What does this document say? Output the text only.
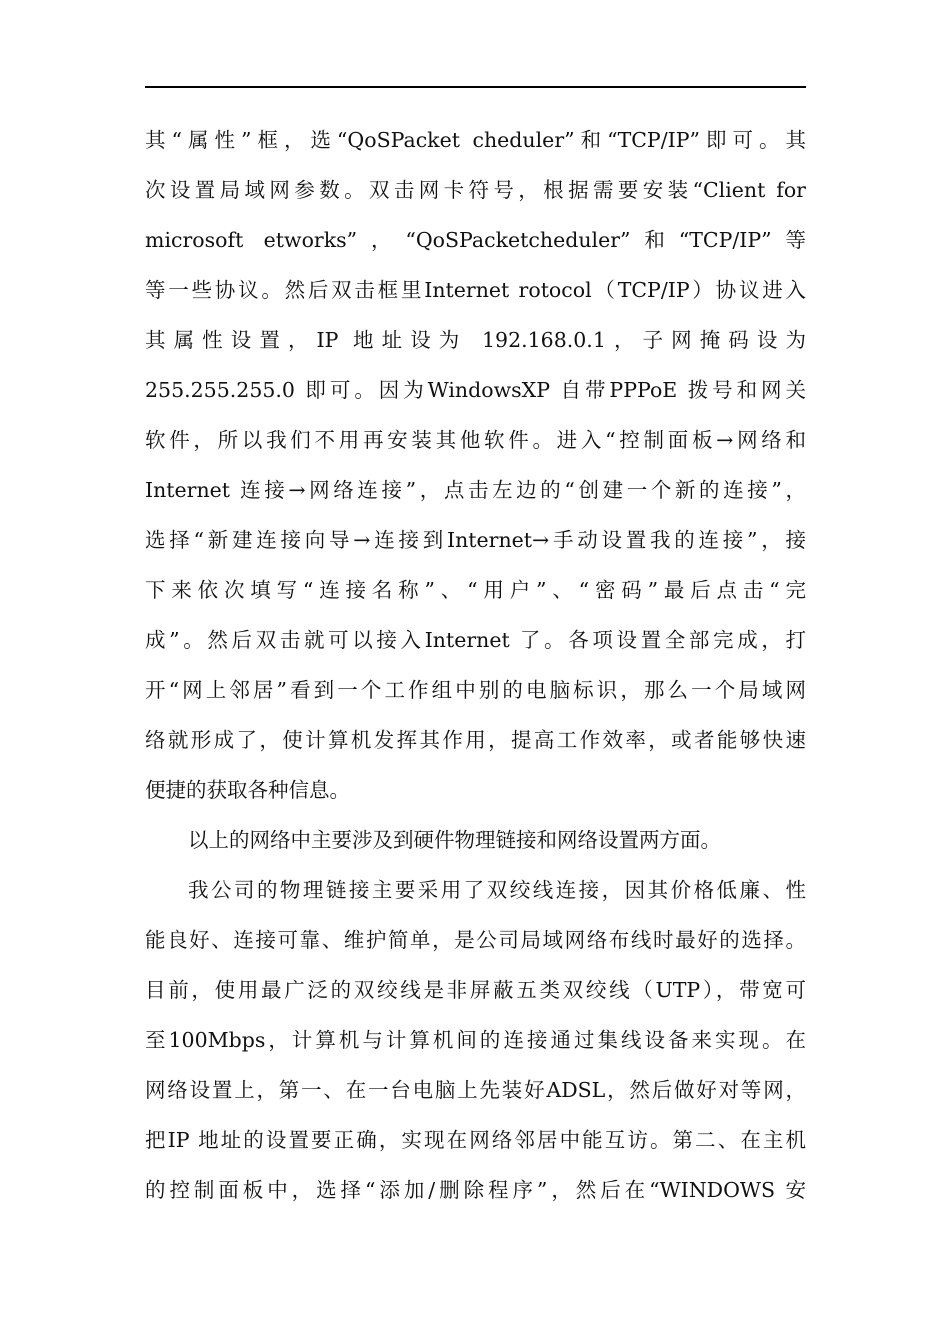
其“属性”框，选“QoSPacket cheduler”和“TCP/IP”即可。其
次设置局域网参数。双击网卡符号，根据需要安装“Client for
microsoft etworks”，“QoSPacketcheduler”和“TCP/IP”等
等一些协议。然后双击框里Internet rotocol（TCP/IP）协议进入
其属性设置，IP 地址设为 192.168.0.1，子网掩码设为
255.255.255.0 即可。因为WindowsXP 自带PPPoE 拨号和网关
软件，所以我们不用再安装其他软件。进入“控制面板→网络和
Internet 连接→网络连接”，点击左边的“创建一个新的连接”，
选择“新建连接向导→连接到Internet→手动设置我的连接”，接
下来依次填写“连接名称”、“用户”、“密码”最后点击“完
成”。然后双击就可以接入Internet 了。各项设置全部完成，打
开“网上邻居”看到一个工作组中别的电脑标识，那么一个局域网
络就形成了，使计算机发挥其作用，提高工作效率，或者能够快速
便捷的获取各种信息。
以上的网络中主要涉及到硬件物理链接和网络设置两方面。
我公司的物理链接主要采用了双绞线连接，因其价格低廉、性
能良好、连接可靠、维护简单，是公司局域网络布线时最好的选择。
目前，使用最广泛的双绞线是非屏蔽五类双绞线（UTP），带宽可
至100Mbps，计算机与计算机间的连接通过集线设备来实现。在
网络设置上，第一、在一台电脑上先装好ADSL，然后做好对等网，
把IP 地址的设置要正确，实现在网络邻居中能互访。第二、在主机
的控制面板中，选择“添加/删除程序”，然后在“WINDOWS 安
